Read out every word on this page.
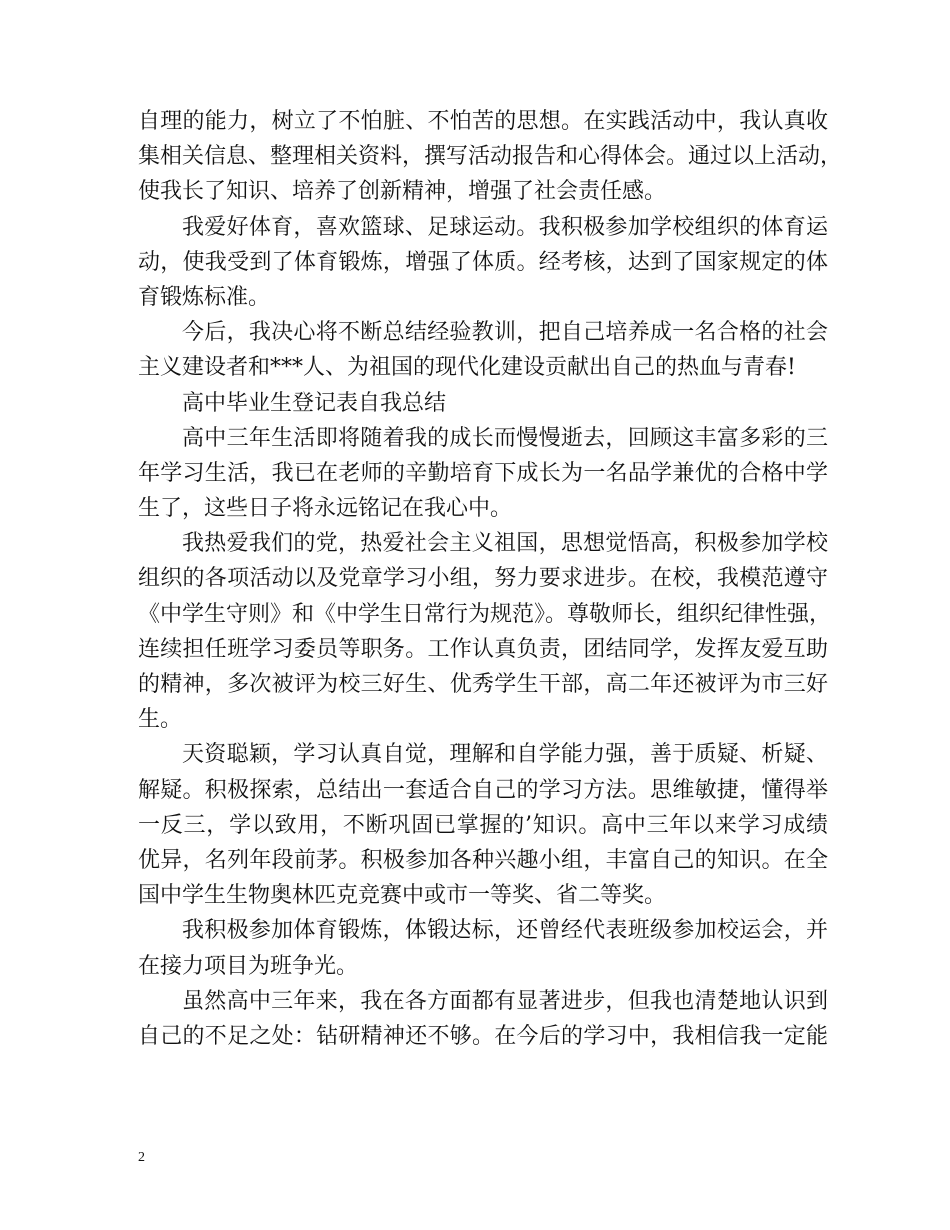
自理的能力，树立了不怕脏、不怕苦的思想。在实践活动中，我认真收
集相关信息、整理相关资料，撰写活动报告和心得体会。通过以上活动，
使我长了知识、培养了创新精神，增强了社会责任感。
我爱好体育，喜欢篮球、足球运动。我积极参加学校组织的体育运
动，使我受到了体育锻炼，增强了体质。经考核，达到了国家规定的体
育锻炼标准。
今后，我决心将不断总结经验教训，把自己培养成一名合格的社会
主义建设者和***人、为祖国的现代化建设贡献出自己的热血与青春!
高中毕业生登记表自我总结
高中三年生活即将随着我的成长而慢慢逝去，回顾这丰富多彩的三
年学习生活，我已在老师的辛勤培育下成长为一名品学兼优的合格中学
生了，这些日子将永远铭记在我心中。
我热爱我们的党，热爱社会主义祖国，思想觉悟高，积极参加学校
组织的各项活动以及党章学习小组，努力要求进步。在校，我模范遵守
《中学生守则》和《中学生日常行为规范》。尊敬师长，组织纪律性强，
连续担任班学习委员等职务。工作认真负责，团结同学，发挥友爱互助
的精神，多次被评为校三好生、优秀学生干部，高二年还被评为市三好
生。
天资聪颖，学习认真自觉，理解和自学能力强，善于质疑、析疑、
解疑。积极探索，总结出一套适合自己的学习方法。思维敏捷，懂得举
一反三，学以致用，不断巩固已掌握的’知识。高中三年以来学习成绩
优异，名列年段前茅。积极参加各种兴趣小组，丰富自己的知识。在全
国中学生生物奥林匹克竞赛中或市一等奖、省二等奖。
我积极参加体育锻炼，体锻达标，还曾经代表班级参加校运会，并
在接力项目为班争光。
虽然高中三年来，我在各方面都有显著进步，但我也清楚地认识到
自己的不足之处：钻研精神还不够。在今后的学习中，我相信我一定能
2
